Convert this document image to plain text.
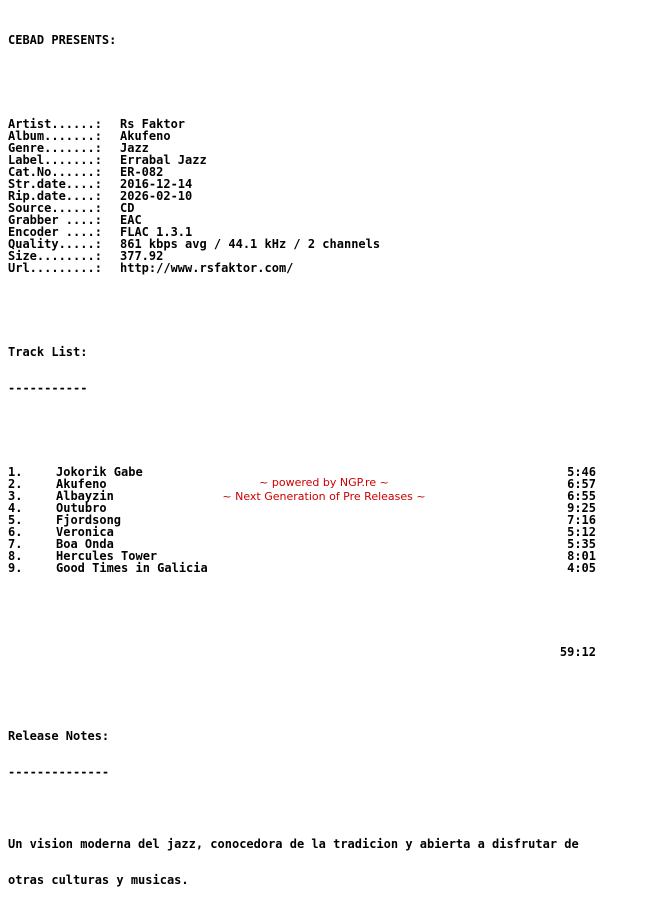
CEBAD PRESENTS:

Artist......:	Rs Faktor
Album.......:	Akufeno
Genre.......:	Jazz
Label.......:	Errabal Jazz
Cat.No......:	ER-082
Str.date....:	2016-12-14
Rip.date....:	2026-02-10
Source......:	CD
Grabber ....:	EAC
Encoder ....:	FLAC 1.3.1
Quality.....:	861 kbps avg / 44.1 kHz / 2 channels
Size........:	377.92
Url.........:	http://www.rsfaktor.com/

Track List:

-----------

1.	Jokorik Gabe	5:46
2.	Akufeno	6:57
3.	Albayzin	6:55
4.	Outubro	9:25
5.	Fjordsong	7:16
6.	Veronica	5:12
7.	Boa Onda	5:35
8.	Hercules Tower	8:01
9.	Good Times in Galicia	4:05

59:12

Release Notes:

--------------

Un vision moderna del jazz, conocedora de la tradicion y abierta a disfrutar de

otras culturas y musicas.

~ powered by NGP.re ~
~ Next Generation of Pre Releases ~
